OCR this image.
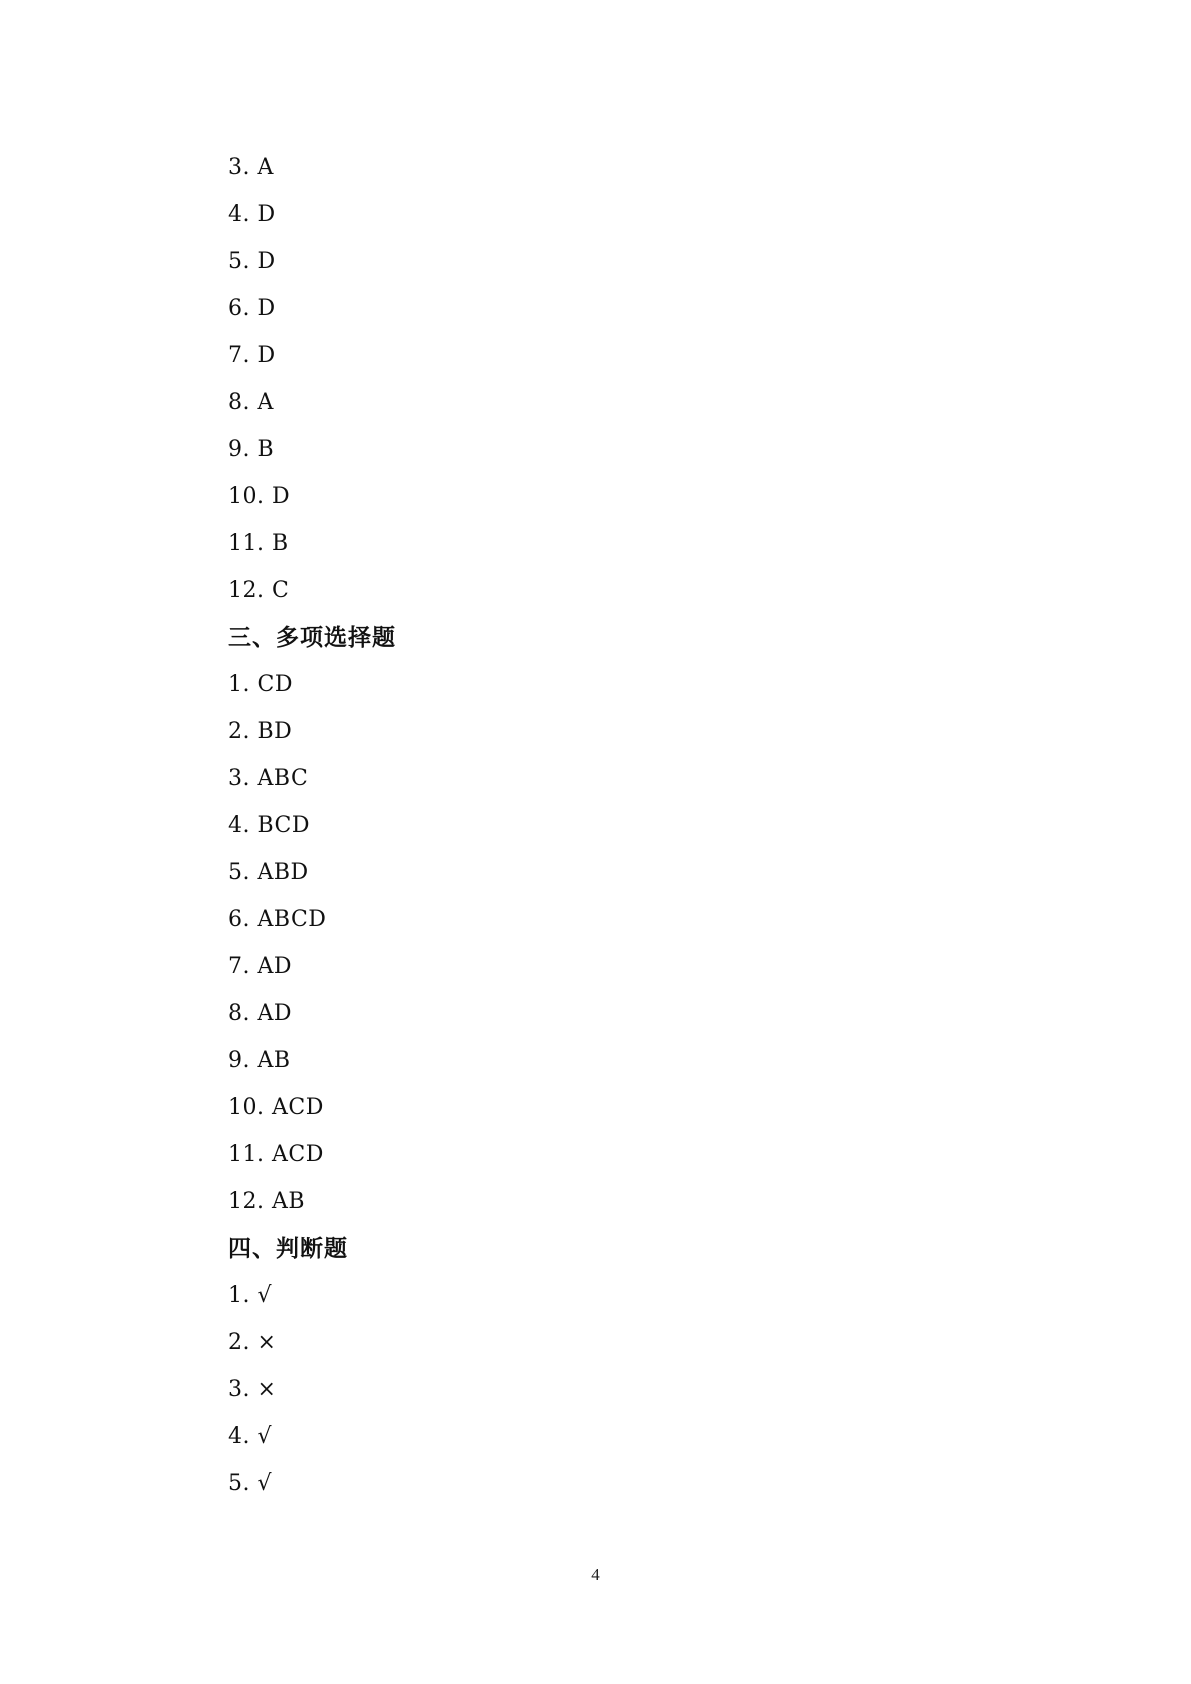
3. A
4. D
5. D
6. D
7. D
8. A
9. B
10. D
11. B
12. C
三、多项选择题
1. CD
2. BD
3. ABC
4. BCD
5. ABD
6. ABCD
7. AD
8. AD
9. AB
10. ACD
11. ACD
12. AB
四、判断题
1. √
2. ×
3. ×
4. √
5. √
4
